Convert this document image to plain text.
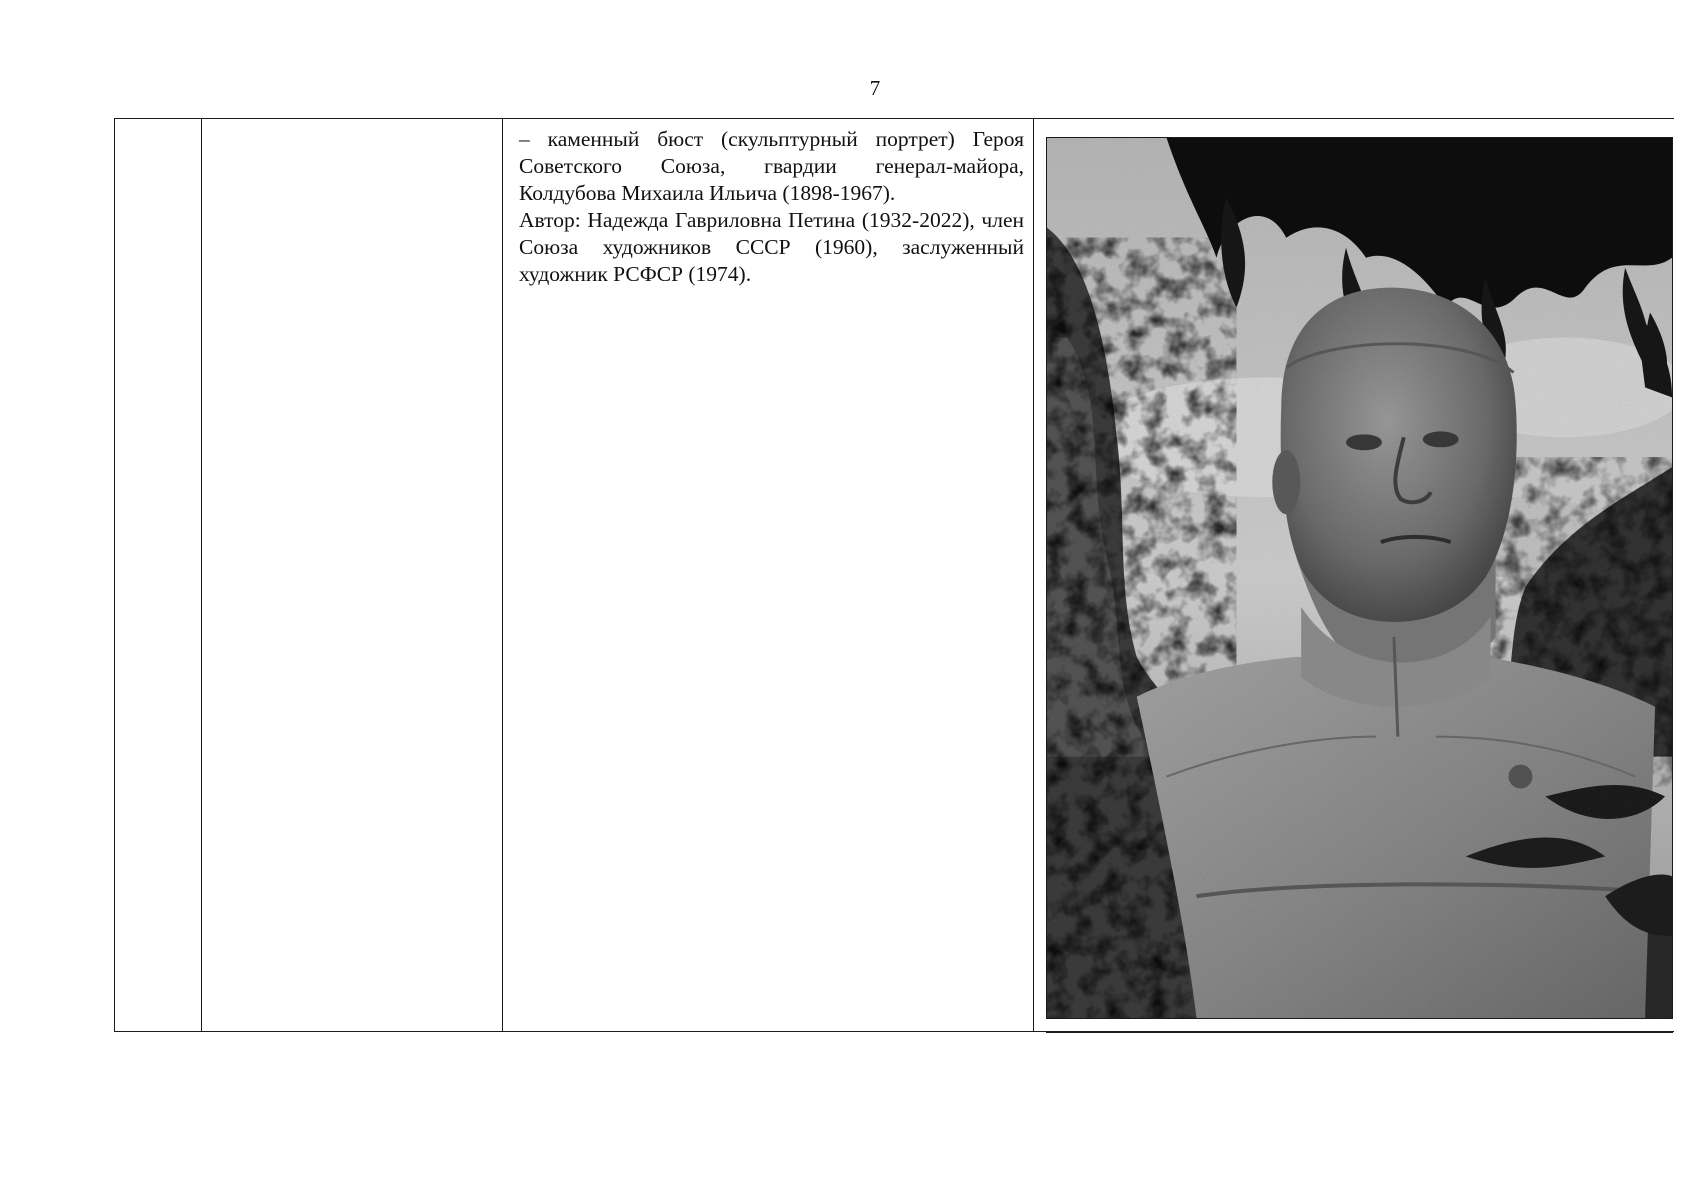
7

– каменный бюст (скульптурный портрет) Героя Советского Союза, гвардии генерал-майора, Колдубова Михаила Ильича (1898-1967).

Автор: Надежда Гавриловна Петина (1932-2022), член Союза художников СССР (1960), заслуженный художник РСФСР (1974).
